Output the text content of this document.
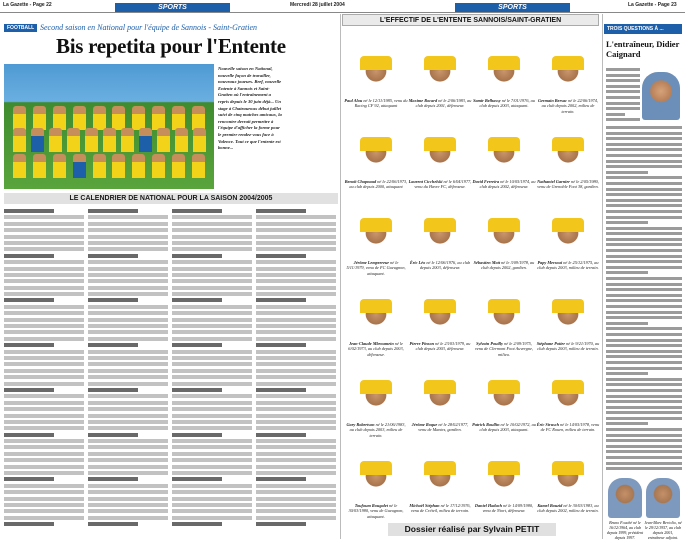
La Gazette - Page 22	SPORTS	Mercredi 28 juillet 2004	SPORTS	La Gazette - Page 23
FOOTBALL Second saison en National pour l'équipe de Sannois - Saint-Gratien
Bis repetita pour l'Entente
Nouvelle saison en National, nouvelle façon de travailler, nouveaux joueurs. Bref, nouvelle Entente à Sannois et Saint-Gratien où l'entraînement a repris depuis le 30 juin déjà... Un stage à Chateauroux début juillet suivi de cinq matches amicaux, la rencontre devrait permettre à l'équipe d'afficher la forme pour le premier rendez-vous face à Valence. Tout ce que l'entente est bonne...
LE CALENDRIER DE NATIONAL POUR LA SAISON 2004/2005
L'EFFECTIF DE L'ENTENTE SANNOIS/SAINT-GRATIEN
Paul Alou né le 12/11/1985, venu du Racing CF 92, attaquant
Maxime Rocard né le 2/06/1983, au club depuis 2001, défenseur.
Samir Belhassy né le 7/01/1976, au club depuis 2003, attaquant.
Germain Bersac né le 22/06/1974, au club depuis 2002, milieu de terrain.
Benoît Chapnaud né le 22/06/1973, au club depuis 2000, attaquant
Laurent Cicchelski né le 6/04/1977, venu du Havre FC, défenseur.
David Ferreira né le 10/05/1974, au club depuis 2002, défenseur.
Nathaniel Garnier né le 2/05/1980, venu de Grenoble Foot 38, gardien.
Jérôme Lemprereur né le 5/11/1979, venu de FC Gueugnon, attaquant.
Éric Léo né le 12/06/1976, au club depuis 2003, défenseur.
Sébastien Mott né le 3/09/1978, au club depuis 2002, gardien.
Papy Mersoui né le 25/12/1975, au club depuis 2003, milieu de terrain.
Jean-Claude Mbroumein né le 6/02/1973, au club depuis 2003, défenseur.
Pierre Pinson né le 23/03/1979, au club depuis 2003, défenseur.
Sylvain Pouilly né le 2/09/1975, venu de Clermont Foot Auvergne, milieu.
Stéphane Potier né le 9/21/1970, au club depuis 2003, milieu de terrain.
Gary Robertson né le 21/06/1983, au club depuis 2003, milieu de terrain.
Jérôme Roque né le 28/02/1977, venu de Mantes, gardien.
Patrick Roullin né le 10/02/1972, au club depuis 2003, attaquant.
Éric Sirusch né le 14/05/1978, venu de FC Rouen, milieu de terrain.
Toufoum Rougalet né le 30/03/1980, venu de Gueugnon, attaquant.
Michaël Stéphan né le 17/12/1976, venu de Créteil, milieu de terrain.
Daniel Hadach né le 14/09/1980, venu de Niort, défenseur.
Kamel Bouzid né le 30/03/1983, au club depuis 2002, milieu de terrain.
Dossier réalisé par Sylvain PETIT
TROIS QUESTIONS À ...
L'entraîneur, Didier Caignard
Bruno Fouché né le 16/12/1964, au club depuis 1999, président depuis 1997.
Jean-Marc Bertolio, né le 29/12/1957, au club depuis 2001, entraîneur adjoint.
